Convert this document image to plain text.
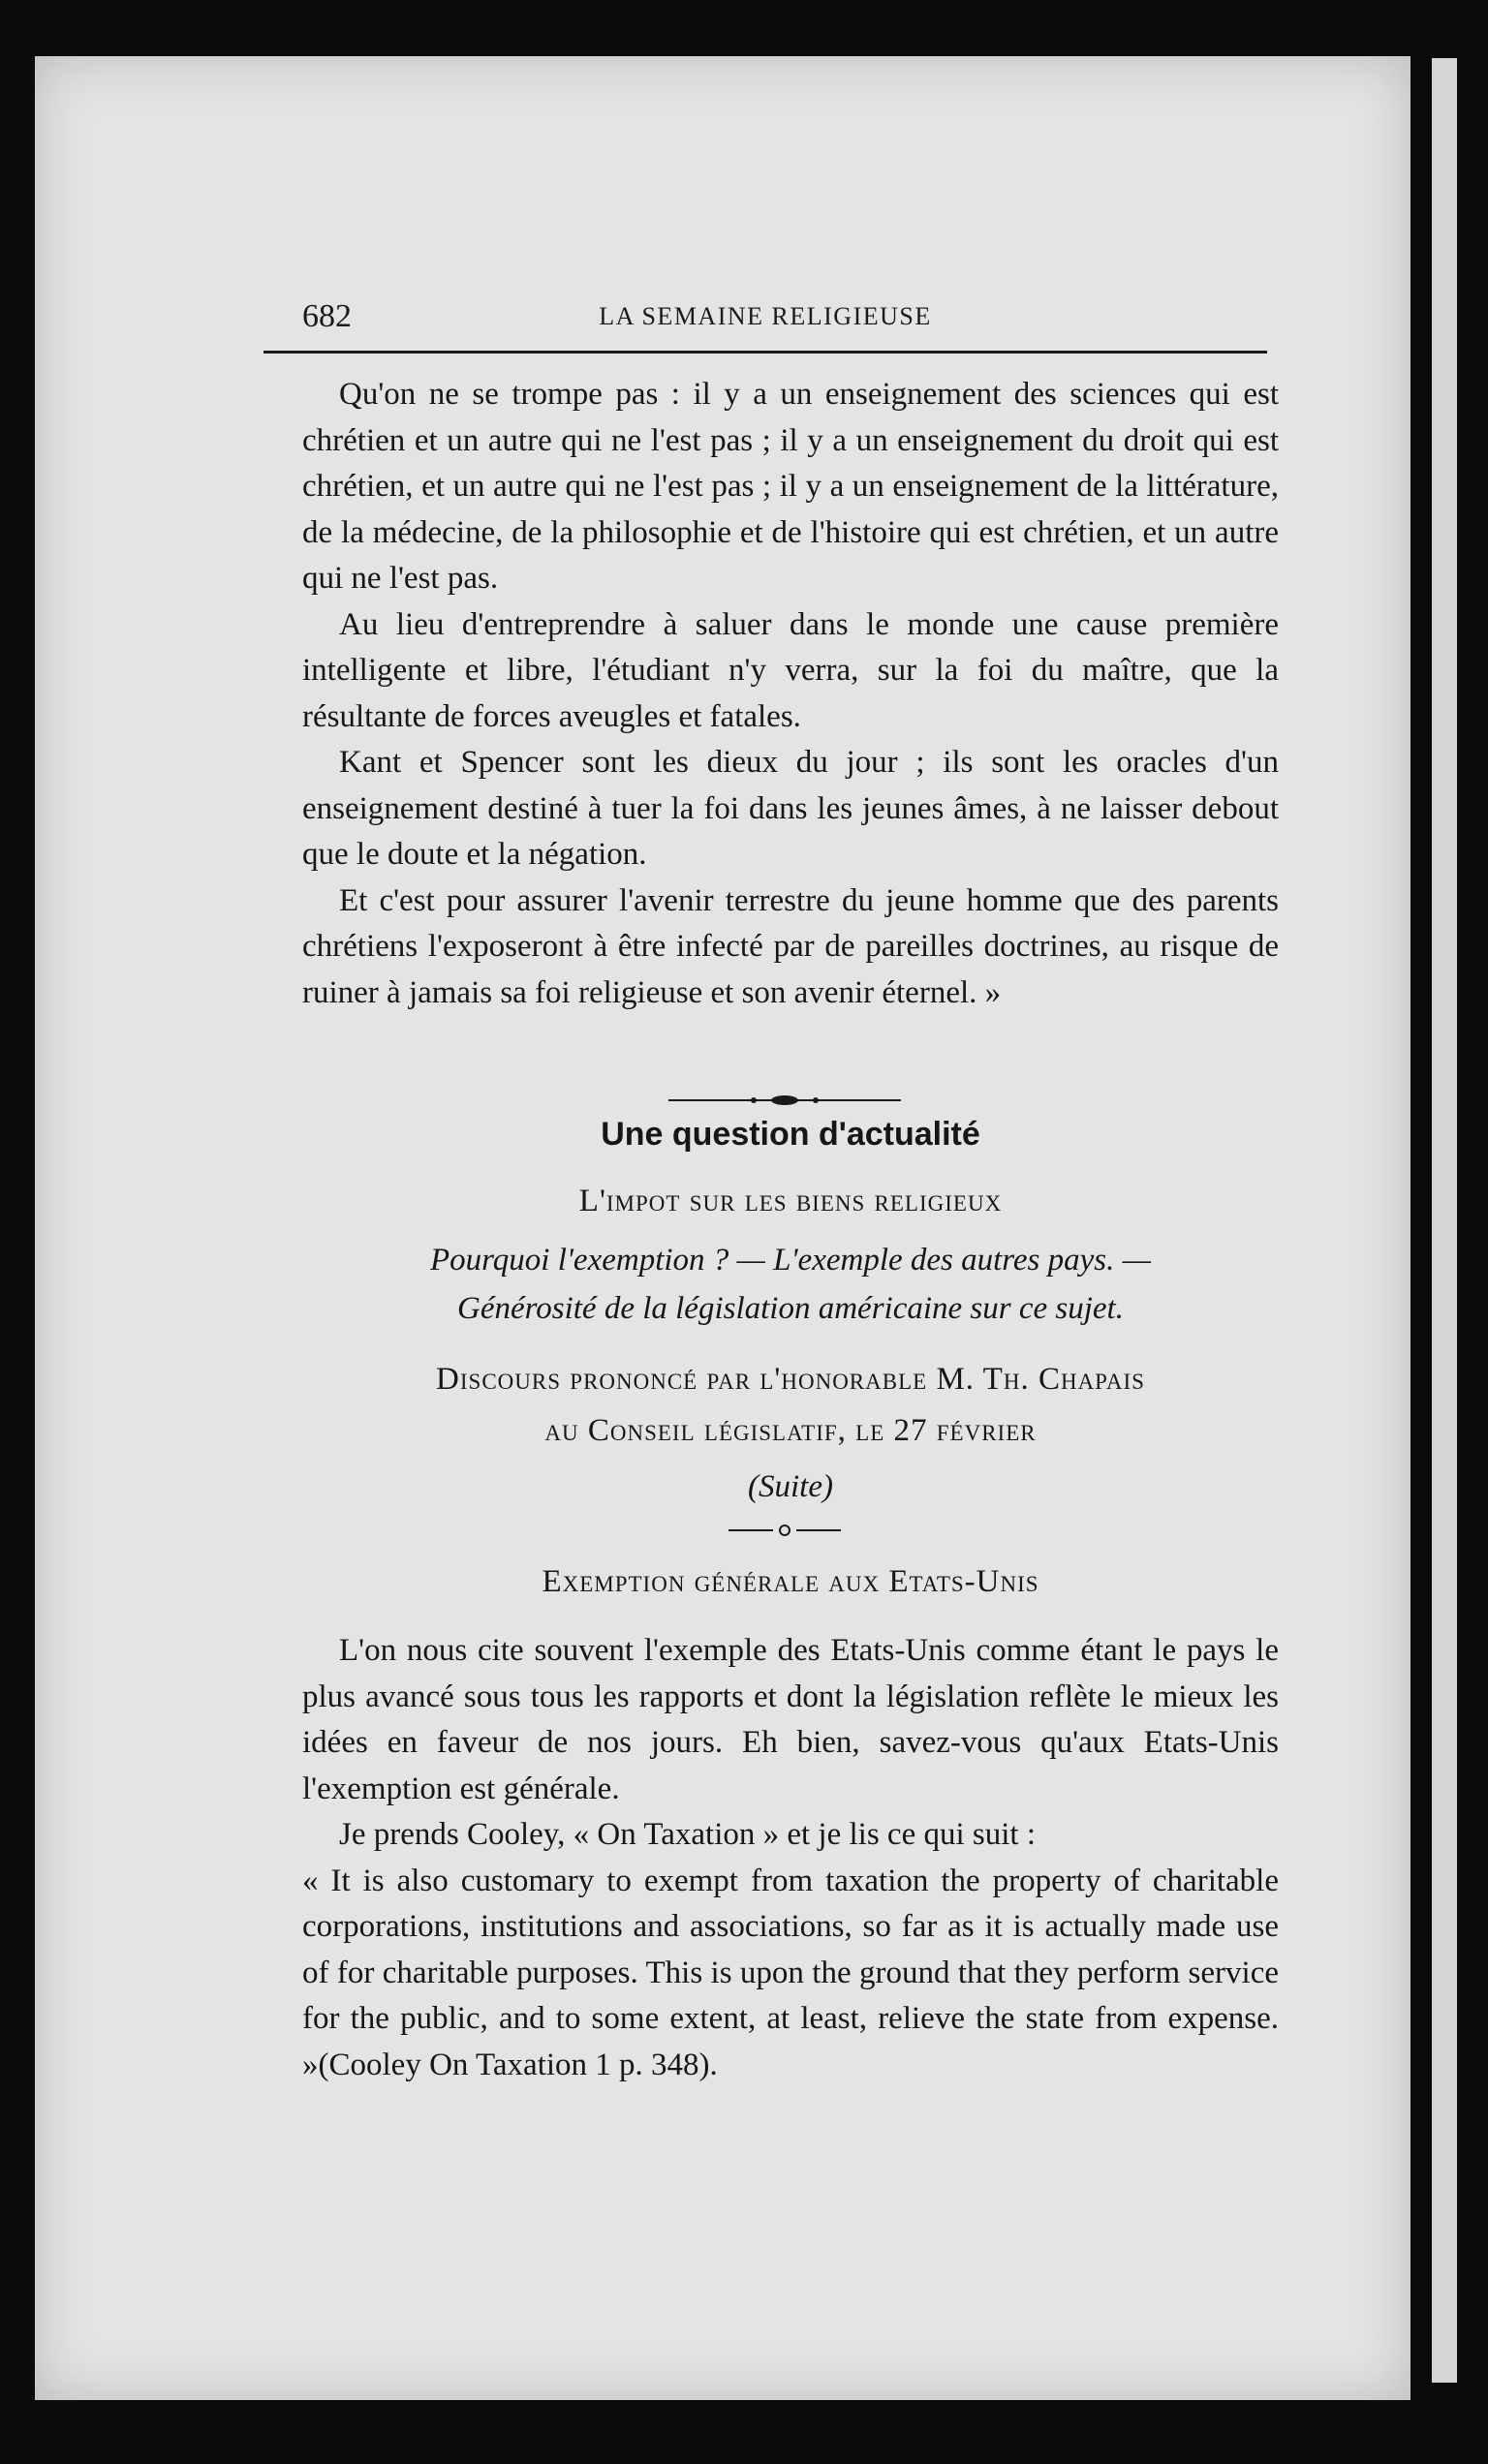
682	LA SEMAINE RELIGIEUSE

Qu'on ne se trompe pas : il y a un enseignement des sciences qui est chrétien et un autre qui ne l'est pas ; il y a un enseignement du droit qui est chrétien, et un autre qui ne l'est pas ; il y a un enseignement de la littérature, de la médecine, de la philosophie et de l'histoire qui est chrétien, et un autre qui ne l'est pas.

Au lieu d'entreprendre à saluer dans le monde une cause première intelligente et libre, l'étudiant n'y verra, sur la foi du maître, que la résultante de forces aveugles et fatales.

Kant et Spencer sont les dieux du jour ; ils sont les oracles d'un enseignement destiné à tuer la foi dans les jeunes âmes, à ne laisser debout que le doute et la négation.

Et c'est pour assurer l'avenir terrestre du jeune homme que des parents chrétiens l'exposeront à être infecté par de pareilles doctrines, au risque de ruiner à jamais sa foi religieuse et son avenir éternel. »

Une question d'actualité
L'impot sur les biens religieux
Pourquoi l'exemption ? — L'exemple des autres pays. —
Générosité de la législation américaine sur ce sujet.
Discours prononcé par l'honorable M. Th. Chapais
au Conseil législatif, le 27 février
(Suite)
Exemption générale aux Etats-Unis

L'on nous cite souvent l'exemple des Etats-Unis comme étant le pays le plus avancé sous tous les rapports et dont la législation reflète le mieux les idées en faveur de nos jours. Eh bien, savez-vous qu'aux Etats-Unis l'exemption est générale.

Je prends Cooley, « On Taxation » et je lis ce qui suit :

« It is also customary to exempt from taxation the property of charitable corporations, institutions and associations, so far as it is actually made use of for charitable purposes. This is upon the ground that they perform service for the public, and to some extent, at least, relieve the state from expense. »(Cooley On Taxation 1 p. 348).
